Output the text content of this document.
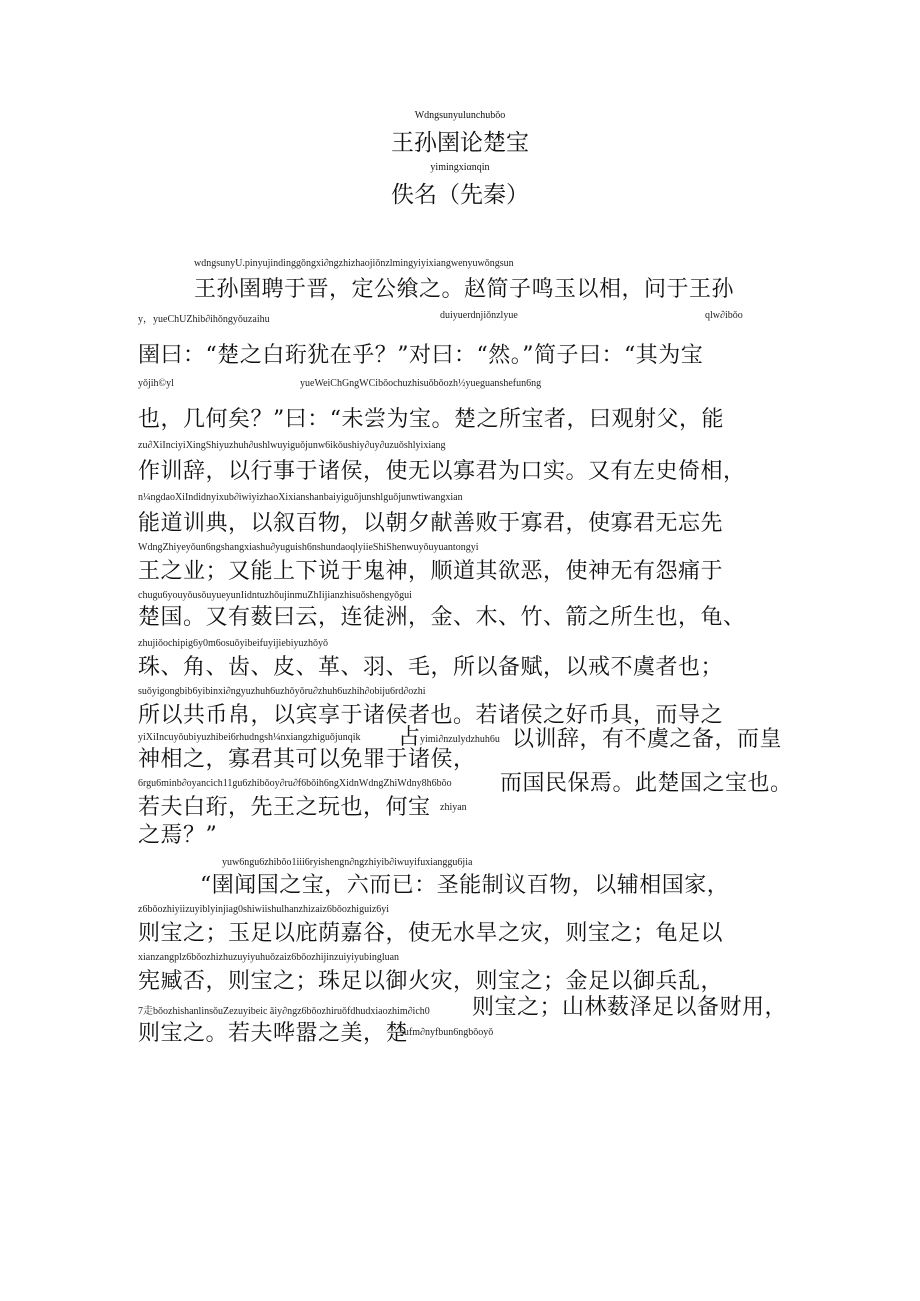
Wdngsunyulunchubǒo
王孙圉论楚宝
yimingxiαnqin
佚名（先秦）
wdngsunyU.pinyujindinggǒngxi∂ngzhizhaojiǒnzlmingyiyixiangwenyuwǒngsun
王孙圉聘于晋，定公飨之。赵简子鸣玉以相，问于王孙
y，yueChUZhib∂ihǒngyǒuzaihu	duiyuerdnjiǒnzlyue	qlw∂ibǒo
圉曰：“楚之白珩犹在乎？”对曰：“然。”简子曰：“其为宝
yǒjih©yl	yueWeiChGngWCibǒochuzhisuǒbǒozh½yueguanshefun6ng
也，几何矣？”曰：“未尝为宝。楚之所宝者，曰观射父，能
zu∂XiInciyiXingShiyuzhuh∂ushlwuyiguǒjunw6ikǒushiy∂uy∂uzuǒshlyixiang
作训辞，以行事于诸侯，使无以寡君为口实。又有左史倚相，
n¼ngdaoXiIndidnyixub∂iwiyizhaoXixianshanbaiyiguǒjunshlguǒjunwtiwangxian
能道训典，以叙百物，以朝夕献善败于寡君，使寡君无忘先
WdngZhiyeyǒun6ngshangxiashu∂yuguish6nshundaoqlyiieShiShenwuyǒuyuantongyi
王之业；又能上下说于鬼神，顺道其欲恶，使神无有怨痛于
chugu6youyǒusǒuyueyunIidntuzhǒujinmuZhIijianzhisuǒshengyǒgui
楚国。又有薮曰云，连徒洲，金、木、竹、箭之所生也，龟、
zhujiǒochipig6y0m6osuǒyibeifuyijiebiyuzhǒyǒ
珠、角、齿、皮、革、羽、毛，所以备赋，以戒不虞者也；
suǒyigongbib6yibinxi∂ngyuzhuh6uzhǒyǒru∂zhuh6uzhih∂obiju6rd∂ozhi
所以共币帛，以宾享于诸侯者也。若诸侯之好币具，而导之
yiXiIncuyǒubiyuzhibei6rhudngsh¼nxiangzhiguǒjunqik 占 yimi∂nzulydzhuh6u 以训辞，有不虞之备，而皇
神相之，寡君其可以免罪于诸侯，
6rgu6minb∂oyancich11gu6zhibǒoy∂ru∂f6bǒih6ngXidnWdngZhiWdny8h6bǒo 而国民保焉。此楚国之宝也。
若夫白珩，先王之玩也，何宝 zhiyan
之焉？”
yuw6ngu6zhibǒo1iii6ryishengn∂ngzhiyib∂iwuyifuxianggu6jia
“圉闻国之宝，六而已：圣能制议百物，以辅相国家，
z6bǒozhiyiizuyiblyinjiag0shiwiishulhanzhizaiz6bǒozhiguiz6yi
则宝之；玉足以庇荫嘉谷，使无水旱之灾，则宝之；龟足以
xianzangplz6bǒozhizhuzuyiyuhuǒzaiz6bǒozhijinzuiyiyubingluan
宪臧否，则宝之；珠足以御火灾，则宝之；金足以御兵乱，
7走bǒozhishanlinsǒuZezuyibeic ǎiy∂ngz6bǒozhiruǒfdhudxiaozhim∂ich0 则宝之；山林薮泽足以备财用，
则宝之。若夫哗嚣之美，楚
sufm∂nyfbun6ngbǒoyǒ
